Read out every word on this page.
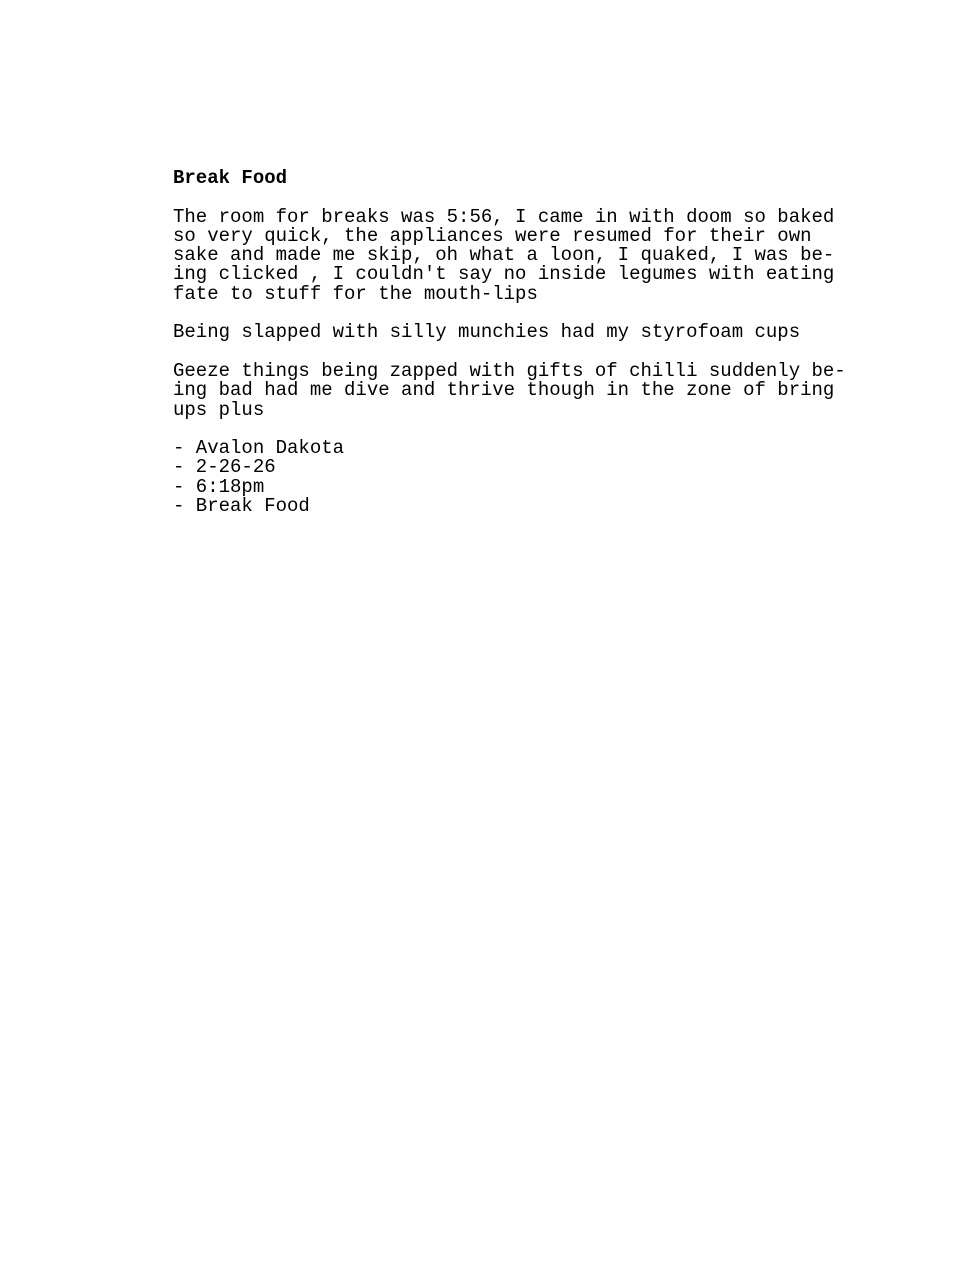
Break Food
The room for breaks was 5:56, I came in with doom so baked
so very quick, the appliances were resumed for their own
sake and made me skip, oh what a loon, I quaked, I was be-
ing clicked , I couldn't say no inside legumes with eating
fate to stuff for the mouth-lips
Being slapped with silly munchies had my styrofoam cups
Geeze things being zapped with gifts of chilli suddenly be-
ing bad had me dive and thrive though in the zone of bring
ups plus
- Avalon Dakota
- 2-26-26
- 6:18pm
- Break Food
